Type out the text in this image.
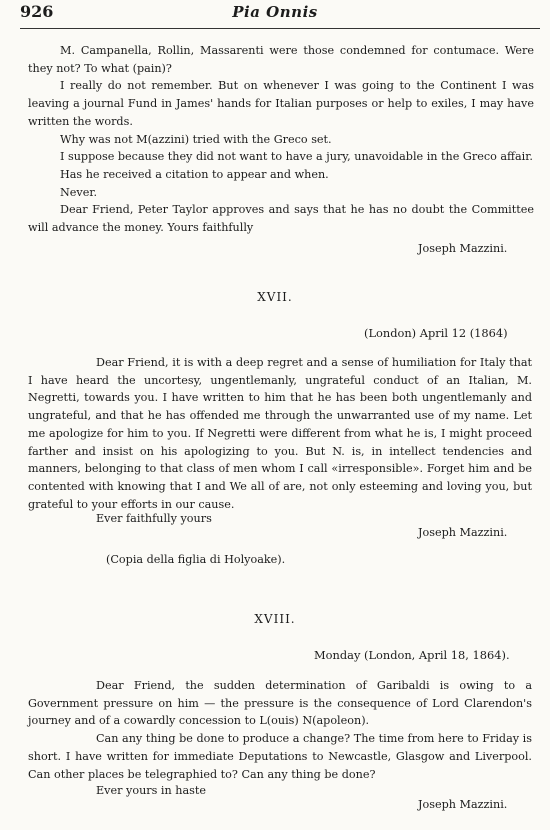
926	Pia Onnis

M. Campanella, Rollin, Massarenti were those condemned for contumace. Were they not? To what (pain)?

I really do not remember. But on whenever I was going to the Continent I was leaving a journal Fund in James' hands for Italian purposes or help to exiles, I may have written the words.

Why was not M(azzini) tried with the Greco set.

I suppose because they did not want to have a jury, unavoidable in the Greco affair.

Has he received a citation to appear and when.

Never.

Dear Friend, Peter Taylor approves and says that he has no doubt the Committee will advance the money. Yours faithfully

Joseph Mazzini.
XVII.
(London) April 12 (1864)

Dear Friend, it is with a deep regret and a sense of humiliation for Italy that I have heard the uncortesy, ungentlemanly, ungrateful conduct of an Italian, M. Negretti, towards you. I have written to him that he has been both ungentlemanly and ungrateful, and that he has offended me through the unwarranted use of my name. Let me apologize for him to you. If Negretti were different from what he is, I might proceed farther and insist on his apologizing to you. But N. is, in intellect tendencies and manners, belonging to that class of men whom I call «irresponsible». Forget him and be contented with knowing that I and We all of are, not only esteeming and loving you, but grateful to your efforts in our cause.

Ever faithfully yours
Joseph Mazzini.
(Copia della figlia di Holyoake).
XVIII.
Monday (London, April 18, 1864).

Dear Friend, the sudden determination of Garibaldi is owing to a Government pressure on him — the pressure is the consequence of Lord Clarendon's journey and of a cowardly concession to L(ouis) N(apoleon).

Can any thing be done to produce a change? The time from here to Friday is short. I have written for immediate Deputations to Newcastle, Glasgow and Liverpool. Can other places be telegraphied to? Can any thing be done?

Ever yours in haste
Joseph Mazzini.
